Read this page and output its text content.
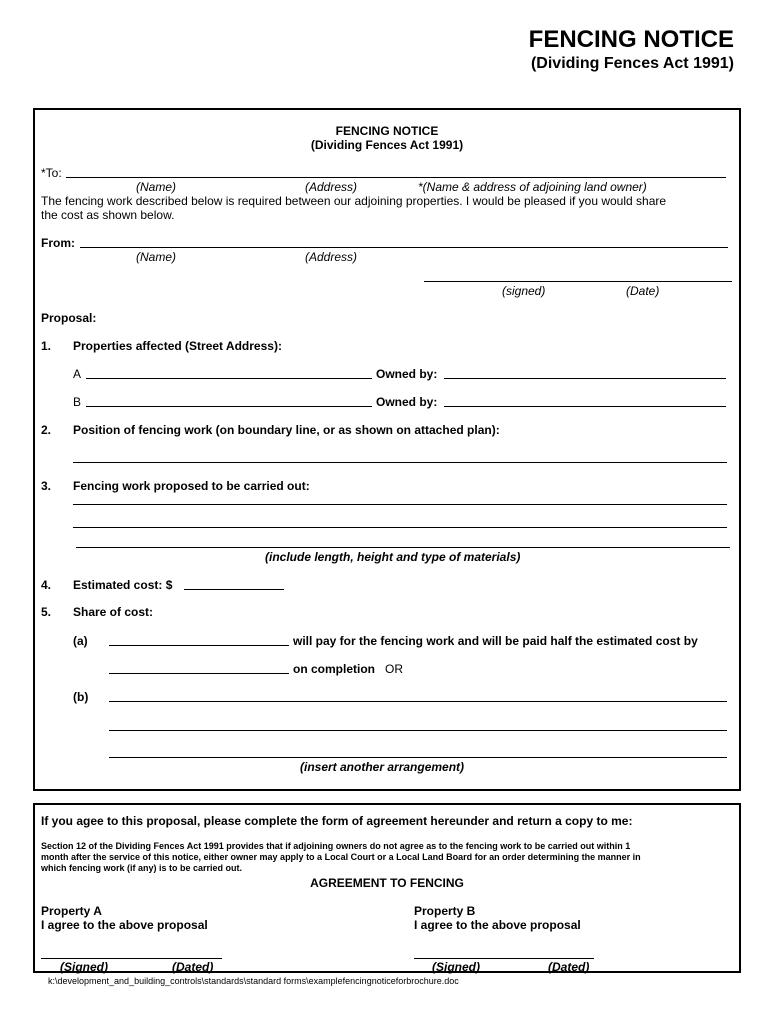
FENCING NOTICE
(Dividing Fences Act 1991)
FENCING NOTICE
(Dividing Fences Act 1991)
*To:
(Name)	(Address)	*(Name & address of adjoining land owner)
The fencing work described below is required between our adjoining properties. I would be pleased if you would share
the cost as shown below.
From:
(Name)	(Address)
(signed)	(Date)
Proposal:
1. Properties affected (Street Address):
A	Owned by:
B	Owned by:
2. Position of fencing work (on boundary line, or as shown on attached plan):
3. Fencing work proposed to be carried out:
(include length, height and type of materials)
4. Estimated cost: $
5. Share of cost:
(a)	will pay for the fencing work and will be paid half the estimated cost by
on completion OR
(b)
(insert another arrangement)
If you agee to this proposal, please complete the form of agreement hereunder and return a copy to me:
Section 12 of the Dividing Fences Act 1991 provides that if adjoining owners do not agree as to the fencing work to be carried out within 1
month after the service of this notice, either owner may apply to a Local Court or a Local Land Board for an order determining the manner in
which fencing work (if any) is to be carried out.
AGREEMENT TO FENCING
Property A
I agree to the above proposal
(Signed)	(Dated)
Property B
I agree to the above proposal
(Signed)	(Dated)
k:\development_and_building_controls\standards\standard forms\examplefencingnoticeforbrochure.doc
